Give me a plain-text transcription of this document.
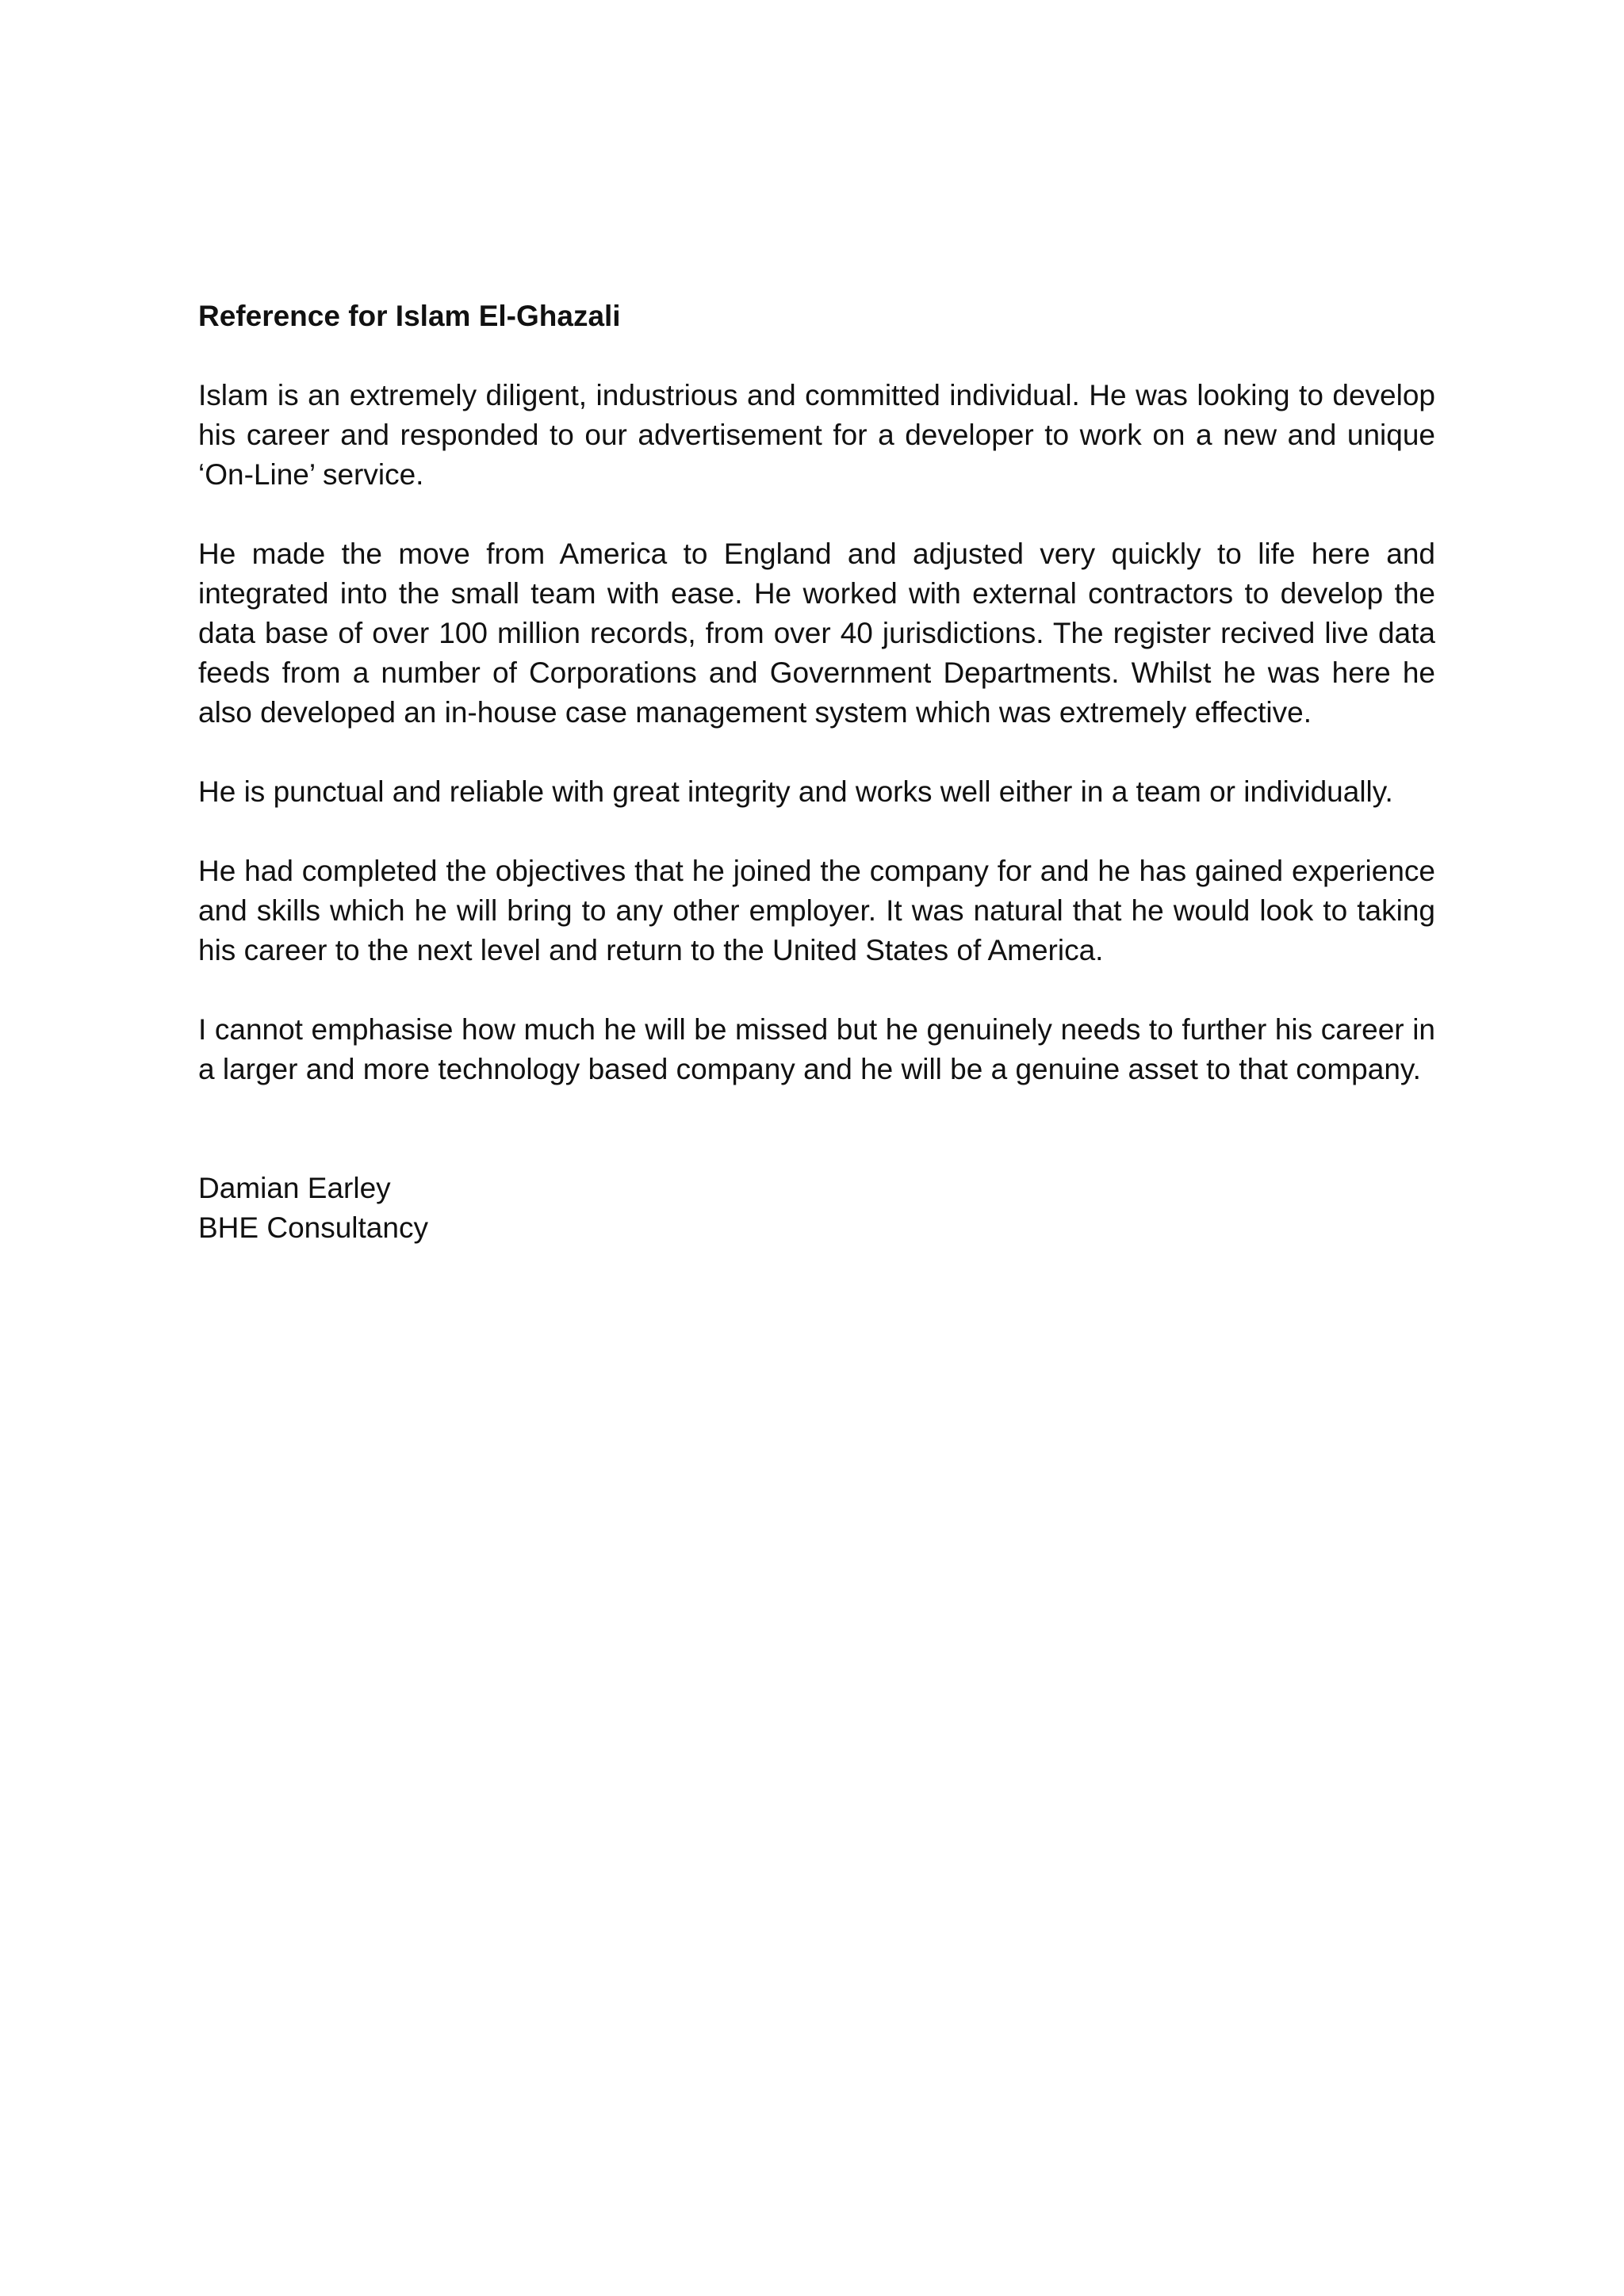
Reference for Islam El-Ghazali

Islam is an extremely diligent, industrious and committed individual. He was looking to develop his career and responded to our advertisement for a developer to work on a new and unique ‘On-Line’ service.

He made the move from America to England and adjusted very quickly to life here and integrated into the small team with ease. He worked with external contractors to develop the data base of over 100 million records, from over 40 jurisdictions. The register recived live data feeds from a number of Corporations and Government Departments. Whilst he was here he also developed an in-house case management system which was extremely effective.

He is punctual and reliable with great integrity and works well either in a team or individually.

He had completed the objectives that he joined the company for and he has gained experience and skills which he will bring to any other employer. It was natural that he would look to taking his career to the next level and return to the United States of America.

I cannot emphasise how much he will be missed but he genuinely needs to further his career in a larger and more technology based company and he will be a genuine asset to that company.

Damian Earley

BHE Consultancy
